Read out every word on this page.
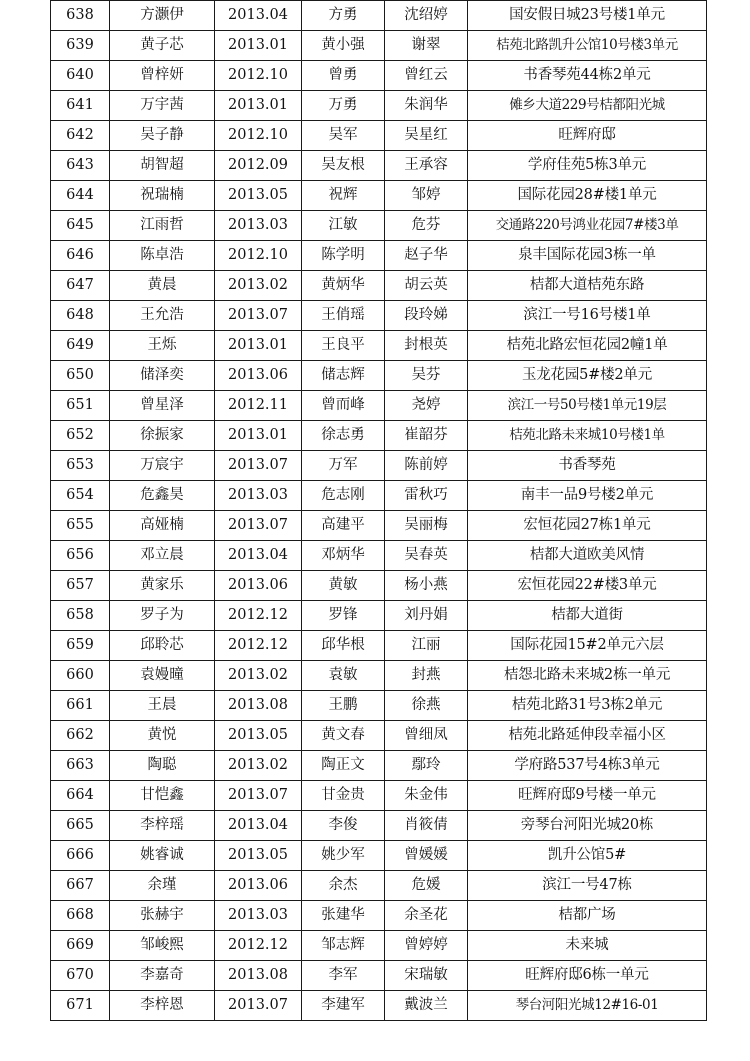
638	方灏伊	2013.04	方勇	沈绍婷	国安假日城23号楼1单元
639	黄子芯	2013.01	黄小强	谢翠	桔苑北路凯升公馆10号楼3单元
640	曾梓妍	2012.10	曾勇	曾红云	书香琴苑44栋2单元
641	万宇茜	2013.01	万勇	朱润华	傩乡大道229号桔都阳光城
642	吴子静	2012.10	吴军	吴星红	旺辉府邸
643	胡智超	2012.09	吴友根	王承容	学府佳苑5栋3单元
644	祝瑞楠	2013.05	祝辉	邹婷	国际花园28#楼1单元
645	江雨哲	2013.03	江敏	危芬	交通路220号鸿业花园7#楼3单
646	陈卓浩	2012.10	陈学明	赵子华	泉丰国际花园3栋一单
647	黄晨	2013.02	黄炳华	胡云英	桔都大道桔苑东路
648	王允浩	2013.07	王俏瑶	段玲娣	滨江一号16号楼1单
649	王烁	2013.01	王良平	封根英	桔苑北路宏恒花园2幢1单
650	储泽奕	2013.06	储志辉	吴芬	玉龙花园5#楼2单元
651	曾星泽	2012.11	曾而峰	尧婷	滨江一号50号楼1单元19层
652	徐振家	2013.01	徐志勇	崔韶芬	桔苑北路未来城10号楼1单
653	万宸宇	2013.07	万军	陈前婷	书香琴苑
654	危鑫昊	2013.03	危志刚	雷秋巧	南丰一品9号楼2单元
655	高娅楠	2013.07	高建平	吴丽梅	宏恒花园27栋1单元
656	邓立晨	2013.04	邓炳华	吴春英	桔都大道欧美风情
657	黄家乐	2013.06	黄敏	杨小燕	宏恒花园22#楼3单元
658	罗子为	2012.12	罗锋	刘丹娟	桔都大道街
659	邱聆芯	2012.12	邱华根	江丽	国际花园15#2单元六层
660	袁嫚曈	2013.02	袁敏	封燕	桔怨北路未来城2栋一单元
661	王晨	2013.08	王鹏	徐燕	桔苑北路31号3栋2单元
662	黄悦	2013.05	黄文春	曾细凤	桔苑北路延伸段幸福小区
663	陶聪	2013.02	陶正文	鄢玲	学府路537号4栋3单元
664	甘恺鑫	2013.07	甘金贵	朱金伟	旺辉府邸9号楼一单元
665	李梓瑶	2013.04	李俊	肖筱倩	旁琴台河阳光城20栋
666	姚睿诚	2013.05	姚少军	曾媛媛	凯升公馆5#
667	余瑾	2013.06	余杰	危媛	滨江一号47栋
668	张赫宇	2013.03	张建华	余圣花	桔都广场
669	邹峻熙	2012.12	邹志辉	曾婷婷	未来城
670	李嘉奇	2013.08	李军	宋瑞敏	旺辉府邸6栋一单元
671	李梓恩	2013.07	李建军	戴波兰	琴台河阳光城12#16-01
